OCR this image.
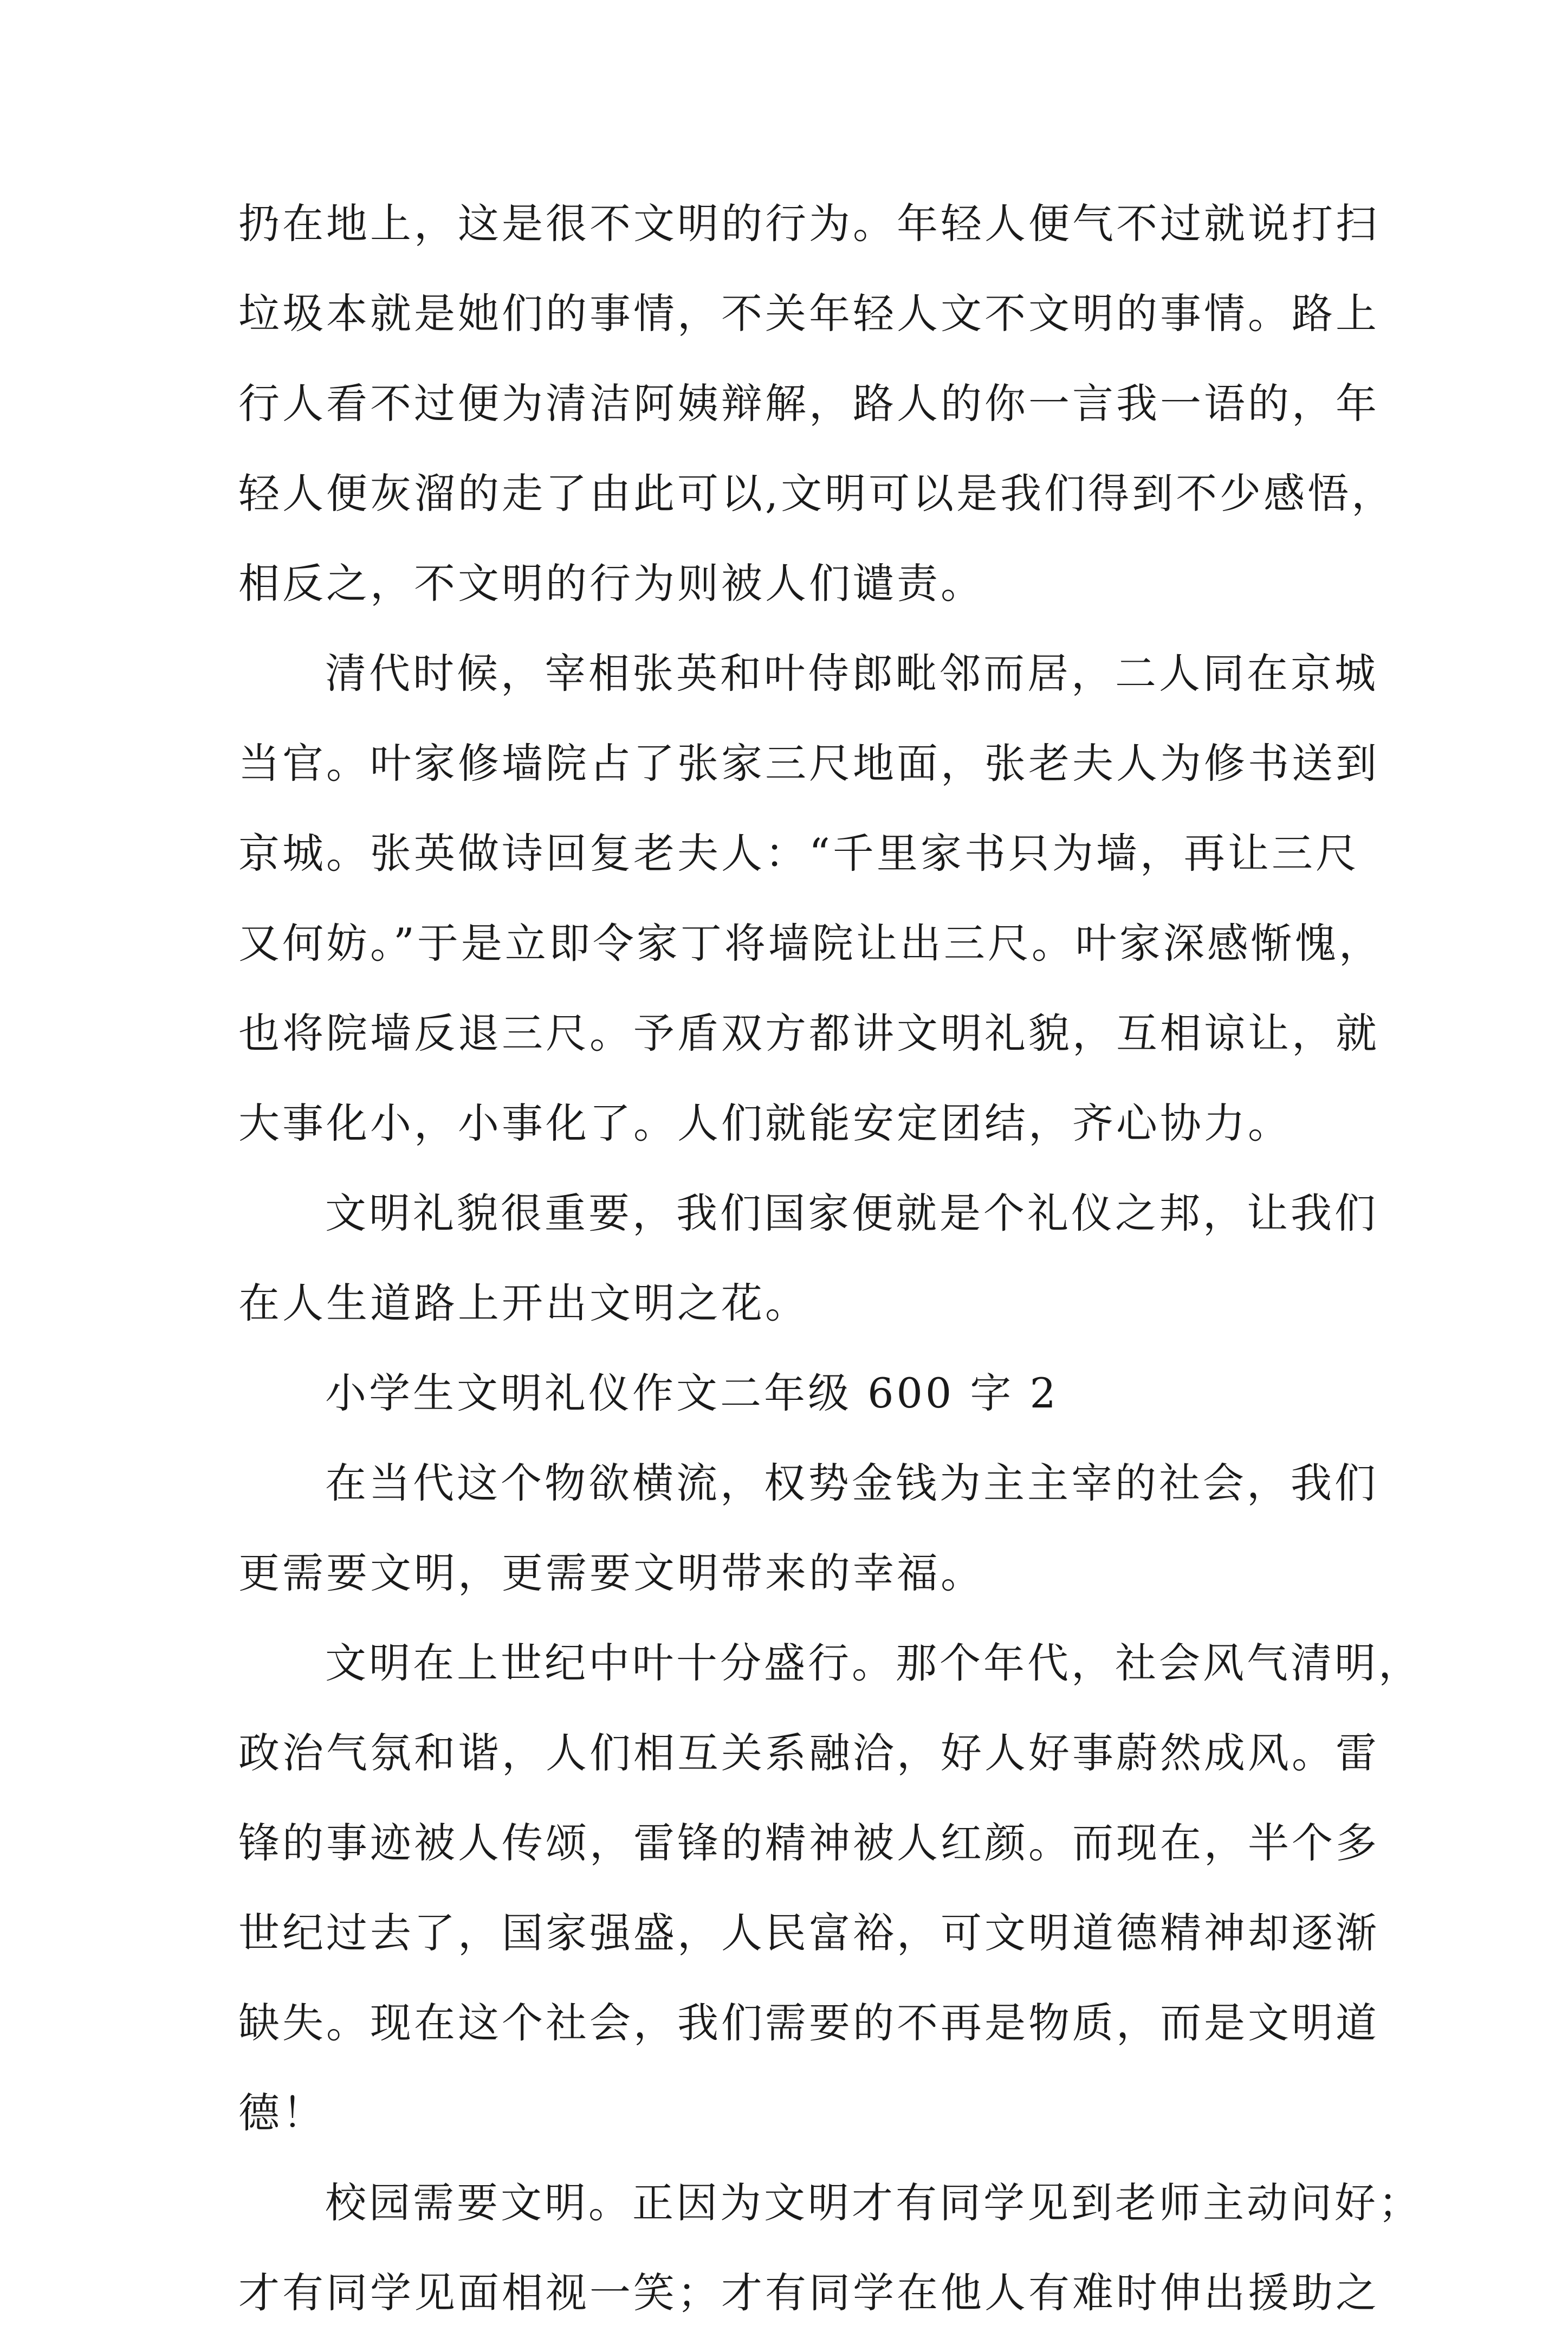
扔在地上，这是很不文明的行为。年轻人便气不过就说打扫
垃圾本就是她们的事情，不关年轻人文不文明的事情。路上
行人看不过便为清洁阿姨辩解，路人的你一言我一语的，年
轻人便灰溜的走了由此可以,文明可以是我们得到不少感悟，
相反之，不文明的行为则被人们谴责。
清代时候，宰相张英和叶侍郎毗邻而居，二人同在京城
当官。叶家修墙院占了张家三尺地面，张老夫人为修书送到
京城。张英做诗回复老夫人：“千里家书只为墙，再让三尺
又何妨。”于是立即令家丁将墙院让出三尺。叶家深感惭愧，
也将院墙反退三尺。予盾双方都讲文明礼貌，互相谅让，就
大事化小，小事化了。人们就能安定团结，齐心协力。
文明礼貌很重要，我们国家便就是个礼仪之邦，让我们
在人生道路上开出文明之花。
小学生文明礼仪作文二年级 600 字 2
在当代这个物欲横流，权势金钱为主主宰的社会，我们
更需要文明，更需要文明带来的幸福。
文明在上世纪中叶十分盛行。那个年代，社会风气清明，
政治气氛和谐，人们相互关系融洽，好人好事蔚然成风。雷
锋的事迹被人传颂，雷锋的精神被人红颜。而现在，半个多
世纪过去了，国家强盛，人民富裕，可文明道德精神却逐渐
缺失。现在这个社会，我们需要的不再是物质，而是文明道
德！
校园需要文明。正因为文明才有同学见到老师主动问好；
才有同学见面相视一笑；才有同学在他人有难时伸出援助之
